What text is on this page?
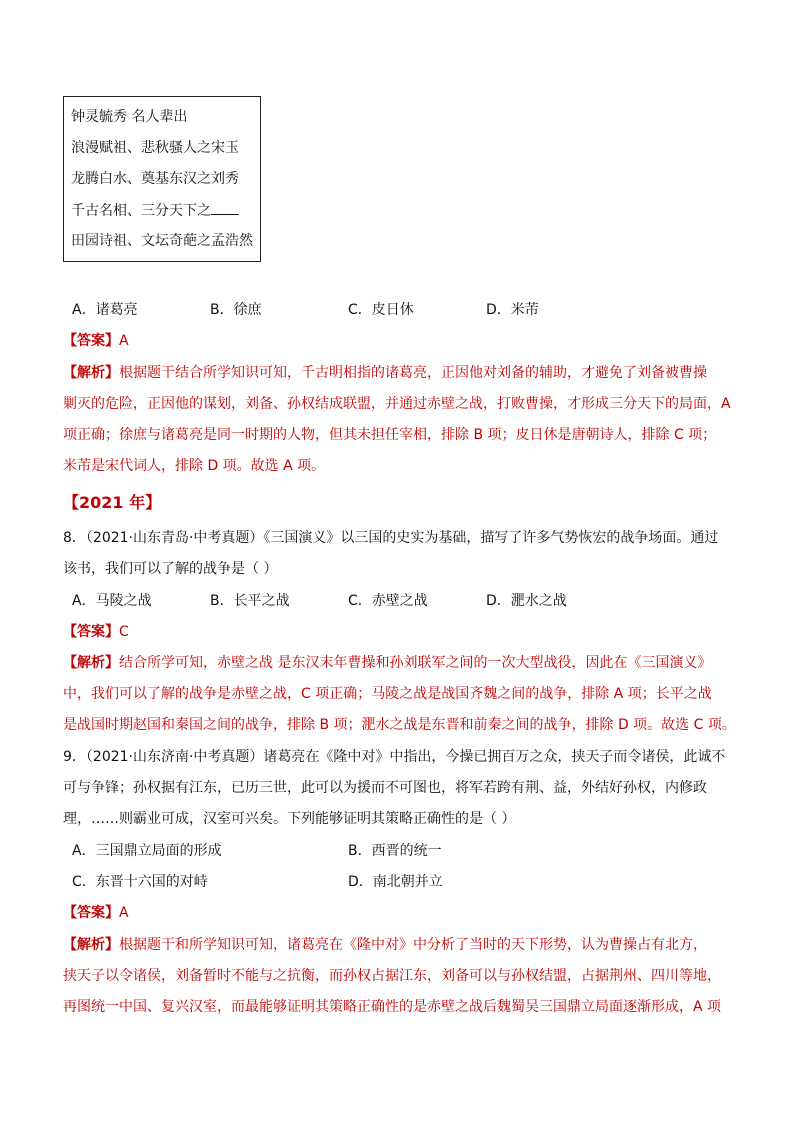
钟灵毓秀 名人辈出
浪漫赋祖、悲秋骚人之宋玉
龙腾白水、奠基东汉之刘秀
千古名相、三分天下之
田园诗祖、文坛奇葩之孟浩然
A．诸葛亮	B．徐庶	C．皮日休	D．米芾
【答案】A
【解析】根据题干结合所学知识可知，千古明相指的诸葛亮，正因他对刘备的辅助，才避免了刘备被曹操
剿灭的危险，正因他的谋划，刘备、孙权结成联盟，并通过赤壁之战，打败曹操，才形成三分天下的局面，A
项正确；徐庶与诸葛亮是同一时期的人物，但其未担任宰相，排除 B 项；皮日休是唐朝诗人，排除 C 项；
米芾是宋代词人，排除 D 项。故选 A 项。
【2021 年】
8．（2021·山东青岛·中考真题）《三国演义》以三国的史实为基础，描写了许多气势恢宏的战争场面。通过
该书，我们可以了解的战争是（ ）
A．马陵之战	B．长平之战	C．赤壁之战	D．淝水之战
【答案】C
【解析】结合所学可知，赤壁之战 是东汉末年曹操和孙刘联军之间的一次大型战役，因此在《三国演义》
中，我们可以了解的战争是赤壁之战，C 项正确；马陵之战是战国齐魏之间的战争，排除 A 项；长平之战
是战国时期赵国和秦国之间的战争，排除 B 项；淝水之战是东晋和前秦之间的战争，排除 D 项。故选 C 项。
9．（2021·山东济南·中考真题）诸葛亮在《隆中对》中指出，今操已拥百万之众，挟天子而令诸侯，此诚不
可与争锋；孙权据有江东，已历三世，此可以为援而不可图也，将军若跨有荆、益，外结好孙权，内修政
理，……则霸业可成，汉室可兴矣。下列能够证明其策略正确性的是（ ）
A．三国鼎立局面的形成	B．西晋的统一
C．东晋十六国的对峙	D．南北朝并立
【答案】A
【解析】根据题干和所学知识可知，诸葛亮在《隆中对》中分析了当时的天下形势，认为曹操占有北方，
挟天子以令诸侯，刘备暂时不能与之抗衡，而孙权占据江东，刘备可以与孙权结盟，占据荆州、四川等地，
再图统一中国、复兴汉室，而最能够证明其策略正确性的是赤壁之战后魏蜀吴三国鼎立局面逐渐形成，A 项
